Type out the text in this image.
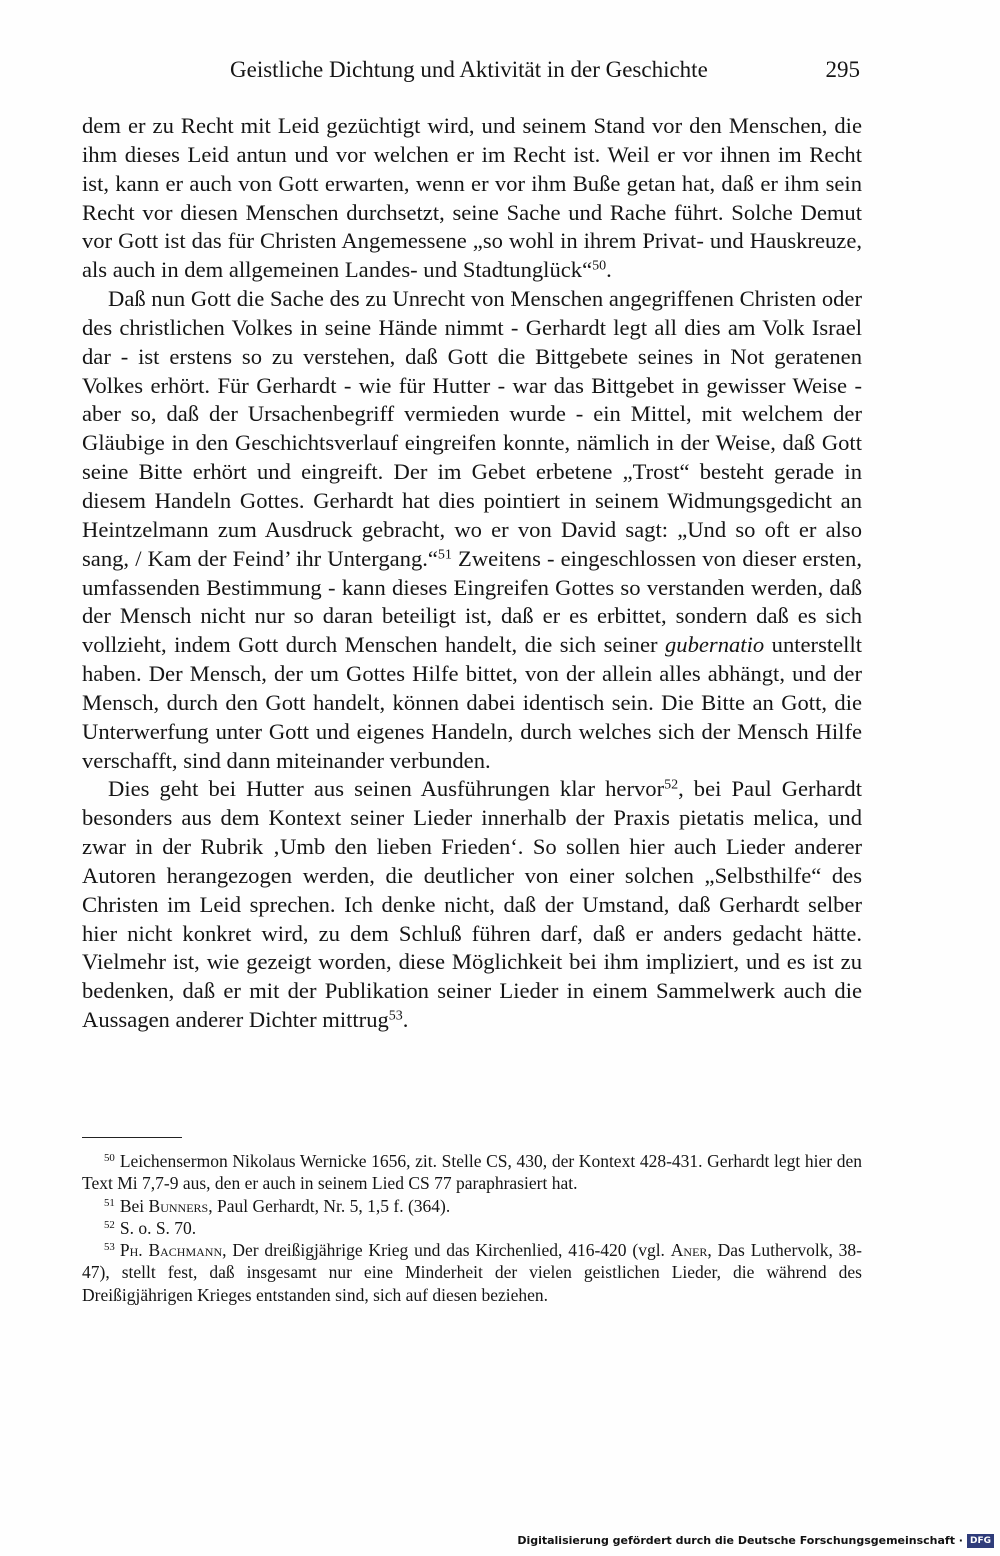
Geistliche Dichtung und Aktivität in der Geschichte	295

dem er zu Recht mit Leid gezüchtigt wird, und seinem Stand vor den Menschen, die ihm dieses Leid antun und vor welchen er im Recht ist. Weil er vor ihnen im Recht ist, kann er auch von Gott erwarten, wenn er vor ihm Buße getan hat, daß er ihm sein Recht vor diesen Menschen durchsetzt, seine Sache und Rache führt. Solche Demut vor Gott ist das für Christen Angemessene „so wohl in ihrem Privat- und Hauskreuze, als auch in dem allgemeinen Landes- und Stadtunglück“$^{50}$.

Daß nun Gott die Sache des zu Unrecht von Menschen angegriffenen Christen oder des christlichen Volkes in seine Hände nimmt - Gerhardt legt all dies am Volk Israel dar - ist erstens so zu verstehen, daß Gott die Bittgebete seines in Not geratenen Volkes erhört. Für Gerhardt - wie für Hutter - war das Bittgebet in gewisser Weise - aber so, daß der Ursachenbegriff vermieden wurde - ein Mittel, mit welchem der Gläubige in den Geschichtsverlauf eingreifen konnte, nämlich in der Weise, daß Gott seine Bitte erhört und eingreift. Der im Gebet erbetene „Trost“ besteht gerade in diesem Handeln Gottes. Gerhardt hat dies pointiert in seinem Widmungsgedicht an Heintzelmann zum Ausdruck gebracht, wo er von David sagt: „Und so oft er also sang, / Kam der Feind’ ihr Untergang.“$^{51}$ Zweitens - eingeschlossen von dieser ersten, umfassenden Bestimmung - kann dieses Eingreifen Gottes so verstanden werden, daß der Mensch nicht nur so daran beteiligt ist, daß er es erbittet, sondern daß es sich vollzieht, indem Gott durch Menschen handelt, die sich seiner gubernatio unterstellt haben. Der Mensch, der um Gottes Hilfe bittet, von der allein alles abhängt, und der Mensch, durch den Gott handelt, können dabei identisch sein. Die Bitte an Gott, die Unterwerfung unter Gott und eigenes Handeln, durch welches sich der Mensch Hilfe verschafft, sind dann miteinander verbunden.

Dies geht bei Hutter aus seinen Ausführungen klar hervor$^{52}$, bei Paul Gerhardt besonders aus dem Kontext seiner Lieder innerhalb der Praxis pietatis melica, und zwar in der Rubrik ‚Umb den lieben Frieden‘. So sollen hier auch Lieder anderer Autoren herangezogen werden, die deutlicher von einer solchen „Selbsthilfe“ des Christen im Leid sprechen. Ich denke nicht, daß der Umstand, daß Gerhardt selber hier nicht konkret wird, zu dem Schluß führen darf, daß er anders gedacht hätte. Vielmehr ist, wie gezeigt worden, diese Möglichkeit bei ihm impliziert, und es ist zu bedenken, daß er mit der Publikation seiner Lieder in einem Sammelwerk auch die Aussagen anderer Dichter mittrug$^{53}$.

$^{50}$ Leichensermon Nikolaus Wernicke 1656, zit. Stelle CS, 430, der Kontext 428-431. Gerhardt legt hier den Text Mi 7,7-9 aus, den er auch in seinem Lied CS 77 paraphrasiert hat.

$^{51}$ Bei Bunners, Paul Gerhardt, Nr. 5, 1,5 f. (364).

$^{52}$ S. o. S. 70.

$^{53}$ Ph. Bachmann, Der dreißigjährige Krieg und das Kirchenlied, 416-420 (vgl. Aner, Das Luthervolk, 38-47), stellt fest, daß insgesamt nur eine Minderheit der vielen geistlichen Lieder, die während des Dreißigjährigen Krieges entstanden sind, sich auf diesen beziehen.

Digitalisierung gefördert durch die Deutsche Forschungsgemeinschaft · DFG
